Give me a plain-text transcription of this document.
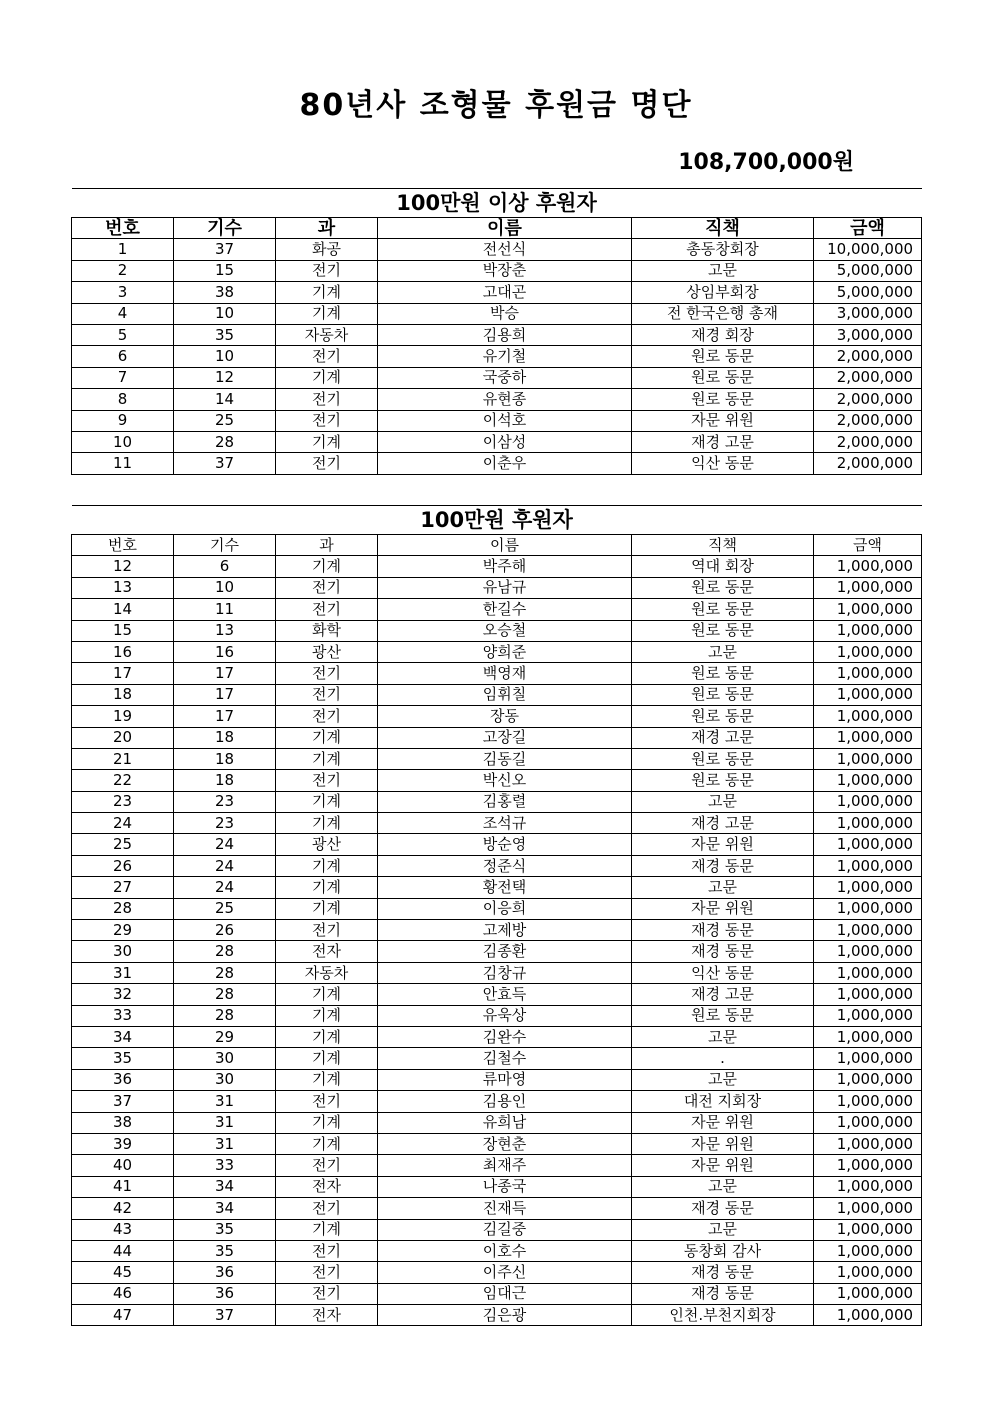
80년사 조형물 후원금 명단
108,700,000원
100만원 이상 후원자					
번호	기수	과	이름	직책	금액
1	37	화공	전선식	총동창회장	10,000,000
2	15	전기	박장춘	고문	5,000,000
3	38	기계	고대곤	상임부회장	5,000,000
4	10	기계	박승	전 한국은행 총재	3,000,000
5	35	자동차	김용희	재경 회장	3,000,000
6	10	전기	유기철	원로 동문	2,000,000
7	12	기계	국중하	원로 동문	2,000,000
8	14	전기	유현종	원로 동문	2,000,000
9	25	전기	이석호	자문 위원	2,000,000
10	28	기계	이삼성	재경 고문	2,000,000
11	37	전기	이춘우	익산 동문	2,000,000
100만원 후원자					
번호	기수	과	이름	직책	금액
12	6	기계	박주해	역대 회장	1,000,000
13	10	전기	유남규	원로 동문	1,000,000
14	11	전기	한길수	원로 동문	1,000,000
15	13	화학	오승철	원로 동문	1,000,000
16	16	광산	양희준	고문	1,000,000
17	17	전기	백영재	원로 동문	1,000,000
18	17	전기	임휘칠	원로 동문	1,000,000
19	17	전기	장동	원로 동문	1,000,000
20	18	기계	고장길	재경 고문	1,000,000
21	18	기계	김동길	원로 동문	1,000,000
22	18	전기	박신오	원로 동문	1,000,000
23	23	기계	김홍렬	고문	1,000,000
24	23	기계	조석규	재경 고문	1,000,000
25	24	광산	방순영	자문 위원	1,000,000
26	24	기계	정준식	재경 동문	1,000,000
27	24	기계	황전택	고문	1,000,000
28	25	기계	이응희	자문 위원	1,000,000
29	26	전기	고제방	재경 동문	1,000,000
30	28	전자	김종환	재경 동문	1,000,000
31	28	자동차	김창규	익산 동문	1,000,000
32	28	기계	안효득	재경 고문	1,000,000
33	28	기계	유욱상	원로 동문	1,000,000
34	29	기계	김완수	고문	1,000,000
35	30	기계	김철수	.	1,000,000
36	30	기계	류마영	고문	1,000,000
37	31	전기	김용인	대전 지회장	1,000,000
38	31	기계	유희남	자문 위원	1,000,000
39	31	기계	장현춘	자문 위원	1,000,000
40	33	전기	최재주	자문 위원	1,000,000
41	34	전자	나종국	고문	1,000,000
42	34	전기	진재득	재경 동문	1,000,000
43	35	기계	김길중	고문	1,000,000
44	35	전기	이호수	동창회 감사	1,000,000
45	36	전기	이주신	재경 동문	1,000,000
46	36	전기	임대근	재경 동문	1,000,000
47	37	전자	김은광	인천.부천지회장	1,000,000
